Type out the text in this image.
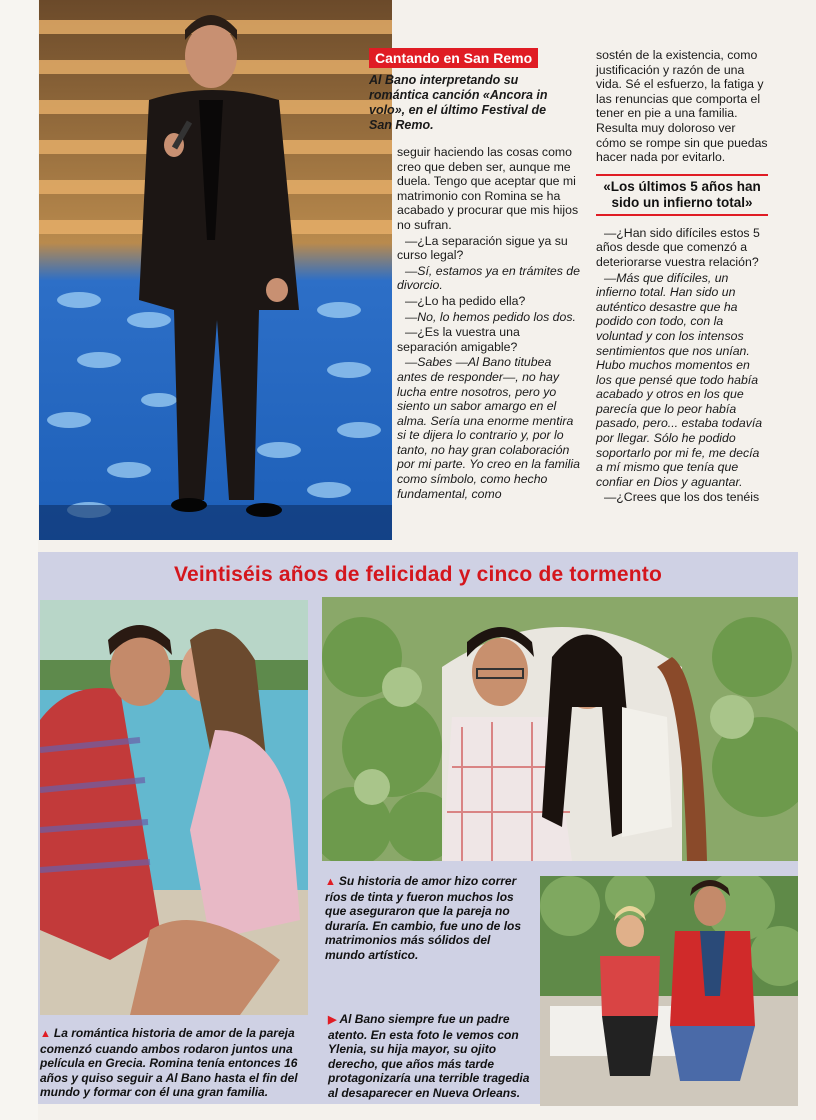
Cantando en San Remo
Al Bano interpretando su romántica canción «Ancora in volo», en el último Festival de San Remo.

seguir haciendo las cosas como creo que deben ser, aunque me duela. Tengo que aceptar que mi matrimonio con Romina se ha acabado y procurar que mis hijos no sufran.

—¿La separación sigue ya su curso legal?

—Sí, estamos ya en trámites de divorcio.

—¿Lo ha pedido ella?

—No, lo hemos pedido los dos.

—¿Es la vuestra una separación amigable?

—Sabes —Al Bano titubea antes de responder—, no hay lucha entre nosotros, pero yo siento un sabor amargo en el alma. Sería una enorme mentira si te dijera lo contrario y, por lo tanto, no hay gran colaboración por mi parte. Yo creo en la familia como símbolo, como hecho fundamental, como

sostén de la existencia, como justificación y razón de una vida. Sé el esfuerzo, la fatiga y las renuncias que comporta el tener en pie a una familia. Resulta muy doloroso ver cómo se rompe sin que puedas hacer nada por evitarlo.

«Los últimos 5 años han sido un infierno total»

—¿Han sido difíciles estos 5 años desde que comenzó a deteriorarse vuestra relación?

—Más que difíciles, un infierno total. Han sido un auténtico desastre que ha podido con todo, con la voluntad y con los intensos sentimientos que nos unían. Hubo muchos momentos en los que pensé que todo había acabado y otros en los que parecía que lo peor había pasado, pero... estaba todavía por llegar. Sólo he podido soportarlo por mi fe, me decía a mí mismo que tenía que confiar en Dios y aguantar.

—¿Crees que los dos tenéis

Veintiséis años de felicidad y cinco de tormento
▲ Su historia de amor hizo correr ríos de tinta y fueron muchos los que aseguraron que la pareja no duraría. En cambio, fue uno de los matrimonios más sólidos del mundo artístico.
▲ La romántica historia de amor de la pareja comenzó cuando ambos rodaron juntos una película en Grecia. Romina tenía entonces 16 años y quiso seguir a Al Bano hasta el fin del mundo y formar con él una gran familia.
▶ Al Bano siempre fue un padre atento. En esta foto le vemos con Ylenia, su hija mayor, su ojito derecho, que años más tarde protagonizaría una terrible tragedia al desaparecer en Nueva Orleans.
